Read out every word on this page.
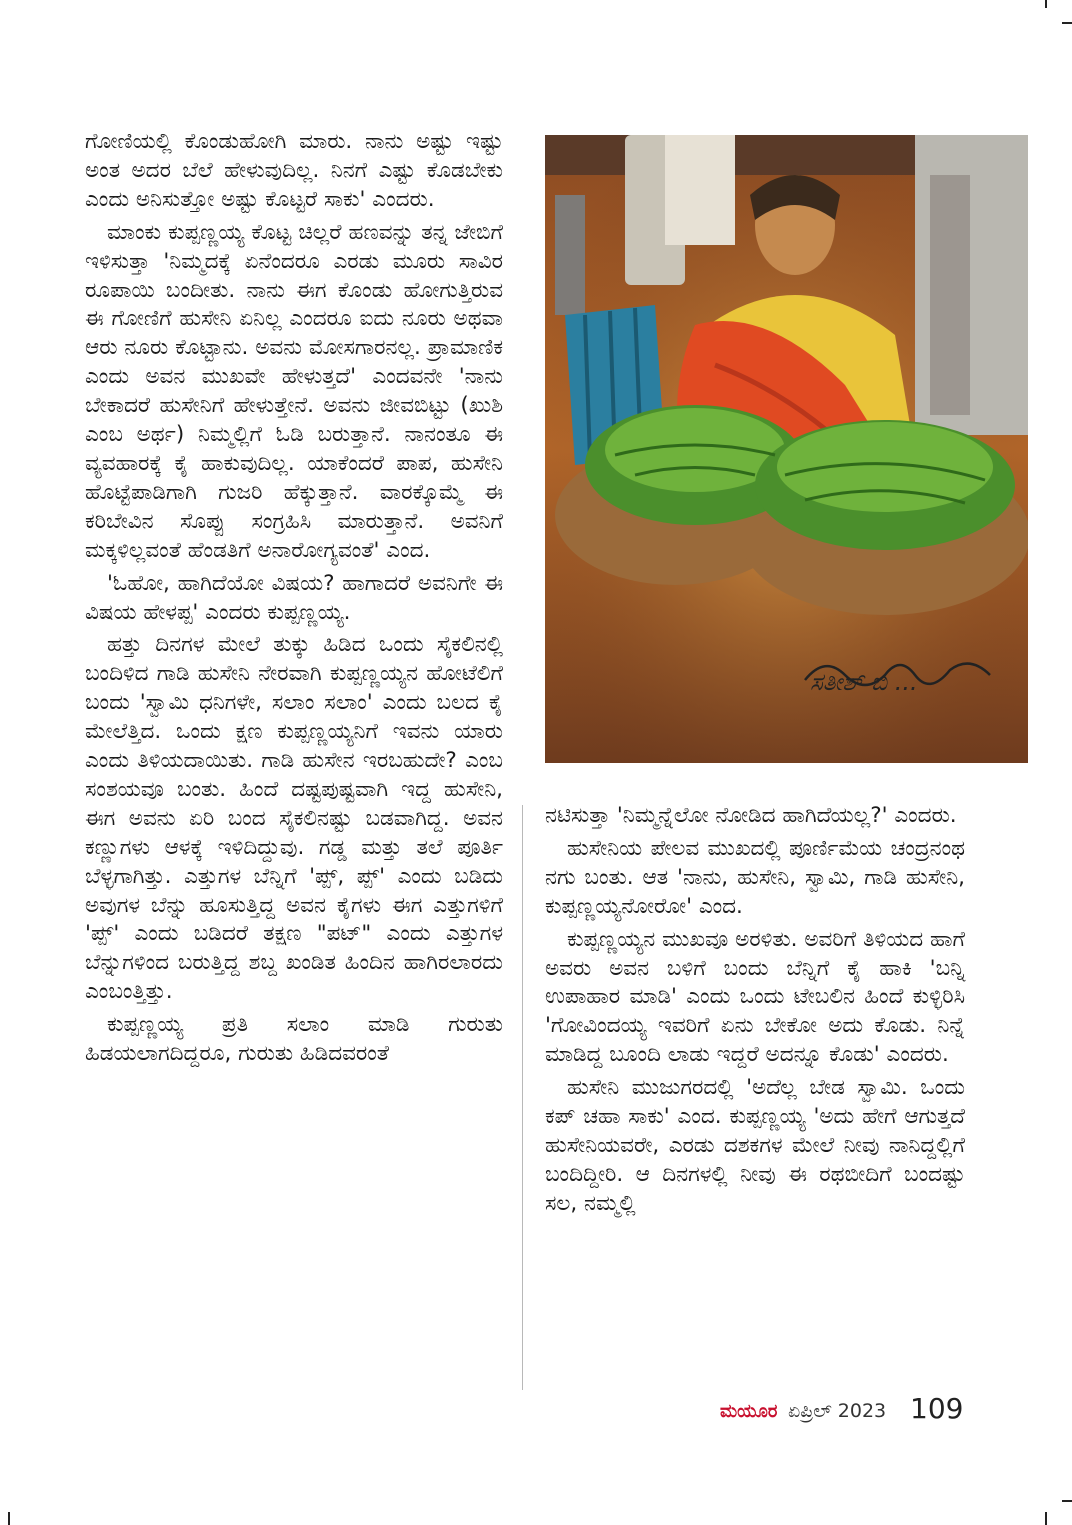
ಗೋಣಿಯಲ್ಲಿ ಕೊಂಡುಹೋಗಿ ಮಾರು. ನಾನು ಅಷ್ಟು ಇಷ್ಟು ಅಂತ ಅದರ ಬೆಲೆ ಹೇಳುವುದಿಲ್ಲ. ನಿನಗೆ ಎಷ್ಟು ಕೊಡಬೇಕು ಎಂದು ಅನಿಸುತ್ತೋ ಅಷ್ಟು ಕೊಟ್ಟರೆ ಸಾಕು' ಎಂದರು.

ಮಾಂಕು ಕುಪ್ಪಣ್ಣಯ್ಯ ಕೊಟ್ಟ ಚಿಲ್ಲರೆ ಹಣವನ್ನು ತನ್ನ ಜೇಬಿಗೆ ಇಳಿಸುತ್ತಾ 'ನಿಮ್ಮದಕ್ಕೆ ಏನೆಂದರೂ ಎರಡು ಮೂರು ಸಾವಿರ ರೂಪಾಯಿ ಬಂದೀತು. ನಾನು ಈಗ ಕೊಂಡು ಹೋಗುತ್ತಿರುವ ಈ ಗೋಣಿಗೆ ಹುಸೇನಿ ಏನಿಲ್ಲ ಎಂದರೂ ಐದು ನೂರು ಅಥವಾ ಆರು ನೂರು ಕೊಟ್ಟಾನು. ಅವನು ಮೋಸಗಾರನಲ್ಲ. ಪ್ರಾಮಾಣಿಕ ಎಂದು ಅವನ ಮುಖವೇ ಹೇಳುತ್ತದೆ' ಎಂದವನೇ 'ನಾನು ಬೇಕಾದರೆ ಹುಸೇನಿಗೆ ಹೇಳುತ್ತೇನೆ. ಅವನು ಜೀವಬಿಟ್ಟು (ಖುಶಿ ಎಂಬ ಅರ್ಥ) ನಿಮ್ಮಲ್ಲಿಗೆ ಓಡಿ ಬರುತ್ತಾನೆ. ನಾನಂತೂ ಈ ವ್ಯವಹಾರಕ್ಕೆ ಕೈ ಹಾಕುವುದಿಲ್ಲ. ಯಾಕೆಂದರೆ ಪಾಪ, ಹುಸೇನಿ ಹೊಟ್ಟೆಪಾಡಿಗಾಗಿ ಗುಜರಿ ಹೆಕ್ಕುತ್ತಾನೆ. ವಾರಕ್ಕೊಮ್ಮೆ ಈ ಕರಿಬೇವಿನ ಸೊಪ್ಪು ಸಂಗ್ರಹಿಸಿ ಮಾರುತ್ತಾನೆ. ಅವನಿಗೆ ಮಕ್ಕಳಿಲ್ಲವಂತೆ ಹೆಂಡತಿಗೆ ಅನಾರೋಗ್ಯವಂತೆ' ಎಂದ.

'ಓಹೋ, ಹಾಗಿದೆಯೋ ವಿಷಯ? ಹಾಗಾದರೆ ಅವನಿಗೇ ಈ ವಿಷಯ ಹೇಳಪ್ಪ' ಎಂದರು ಕುಪ್ಪಣ್ಣಯ್ಯ.

ಹತ್ತು ದಿನಗಳ ಮೇಲೆ ತುಕ್ಕು ಹಿಡಿದ ಒಂದು ಸೈಕಲಿನಲ್ಲಿ ಬಂದಿಳಿದ ಗಾಡಿ ಹುಸೇನಿ ನೇರವಾಗಿ ಕುಪ್ಪಣ್ಣಯ್ಯನ ಹೋಟೆಲಿಗೆ ಬಂದು 'ಸ್ವಾಮಿ ಧನಿಗಳೇ, ಸಲಾಂ ಸಲಾಂ' ಎಂದು ಬಲದ ಕೈ ಮೇಲೆತ್ತಿದ. ಒಂದು ಕ್ಷಣ ಕುಪ್ಪಣ್ಣಯ್ಯನಿಗೆ ಇವನು ಯಾರು ಎಂದು ತಿಳಿಯದಾಯಿತು. ಗಾಡಿ ಹುಸೇನ ಇರಬಹುದೇ? ಎಂಬ ಸಂಶಯವೂ ಬಂತು. ಹಿಂದೆ ದಷ್ಟಪುಷ್ಟವಾಗಿ ಇದ್ದ ಹುಸೇನಿ, ಈಗ ಅವನು ಏರಿ ಬಂದ ಸೈಕಲಿನಷ್ಟು ಬಡವಾಗಿದ್ದ. ಅವನ ಕಣ್ಣುಗಳು ಆಳಕ್ಕೆ ಇಳಿದಿದ್ದುವು. ಗಡ್ಡ ಮತ್ತು ತಲೆ ಪೂರ್ತಿ ಬೆಳ್ಳಗಾಗಿತ್ತು. ಎತ್ತುಗಳ ಬೆನ್ನಿಗೆ 'ಪ್ಪ್, ಪ್ಪ್' ಎಂದು ಬಡಿದು ಅವುಗಳ ಬೆನ್ನು ಹೂಸುತ್ತಿದ್ದ ಅವನ ಕೈಗಳು ಈಗ ಎತ್ತುಗಳಿಗೆ 'ಪ್ಪ್' ಎಂದು ಬಡಿದರೆ ತಕ್ಷಣ "ಪಟ್" ಎಂದು ಎತ್ತುಗಳ ಬೆನ್ನುಗಳಿಂದ ಬರುತ್ತಿದ್ದ ಶಬ್ದ ಖಂಡಿತ ಹಿಂದಿನ ಹಾಗಿರಲಾರದು ಎಂಬಂತ್ತಿತ್ತು.

ಕುಪ್ಪಣ್ಣಯ್ಯ ಪ್ರತಿ ಸಲಾಂ ಮಾಡಿ ಗುರುತು ಹಿಡಯಲಾಗದಿದ್ದರೂ, ಗುರುತು ಹಿಡಿದವರಂತೆ

ಸತೀಶ್ ಬಿ ...

ನಟಿಸುತ್ತಾ 'ನಿಮ್ಮನ್ನೆಲೋ ನೋಡಿದ ಹಾಗಿದೆಯಲ್ಲ?' ಎಂದರು.

ಹುಸೇನಿಯ ಪೇಲವ ಮುಖದಲ್ಲಿ ಪೂರ್ಣಿಮೆಯ ಚಂದ್ರನಂಥ ನಗು ಬಂತು. ಆತ 'ನಾನು, ಹುಸೇನಿ, ಸ್ವಾಮಿ, ಗಾಡಿ ಹುಸೇನಿ, ಕುಪ್ಪಣ್ಣಯ್ಯನೋರೋ' ಎಂದ.

ಕುಪ್ಪಣ್ಣಯ್ಯನ ಮುಖವೂ ಅರಳಿತು. ಅವರಿಗೆ ತಿಳಿಯದ ಹಾಗೆ ಅವರು ಅವನ ಬಳಿಗೆ ಬಂದು ಬೆನ್ನಿಗೆ ಕೈ ಹಾಕಿ 'ಬನ್ನಿ ಉಪಾಹಾರ ಮಾಡಿ' ಎಂದು ಒಂದು ಟೇಬಲಿನ ಹಿಂದೆ ಕುಳ್ಳಿರಿಸಿ 'ಗೋವಿಂದಯ್ಯ ಇವರಿಗೆ ಏನು ಬೇಕೋ ಅದು ಕೊಡು. ನಿನ್ನೆ ಮಾಡಿದ್ದ ಬೂಂದಿ ಲಾಡು ಇದ್ದರೆ ಅದನ್ನೂ ಕೊಡು' ಎಂದರು.

ಹುಸೇನಿ ಮುಜುಗರದಲ್ಲಿ 'ಅದೆಲ್ಲ ಬೇಡ ಸ್ವಾಮಿ. ಒಂದು ಕಪ್ ಚಹಾ ಸಾಕು' ಎಂದ. ಕುಪ್ಪಣ್ಣಯ್ಯ 'ಅದು ಹೇಗೆ ಆಗುತ್ತದೆ ಹುಸೇನಿಯವರೇ, ಎರಡು ದಶಕಗಳ ಮೇಲೆ ನೀವು ನಾನಿದ್ದಲ್ಲಿಗೆ ಬಂದಿದ್ದೀರಿ. ಆ ದಿನಗಳಲ್ಲಿ ನೀವು ಈ ರಥಬೀದಿಗೆ ಬಂದಷ್ಟು ಸಲ, ನಮ್ಮಲ್ಲಿ

ಮಯೂರ ಏಪ್ರಿಲ್ 2023 109
